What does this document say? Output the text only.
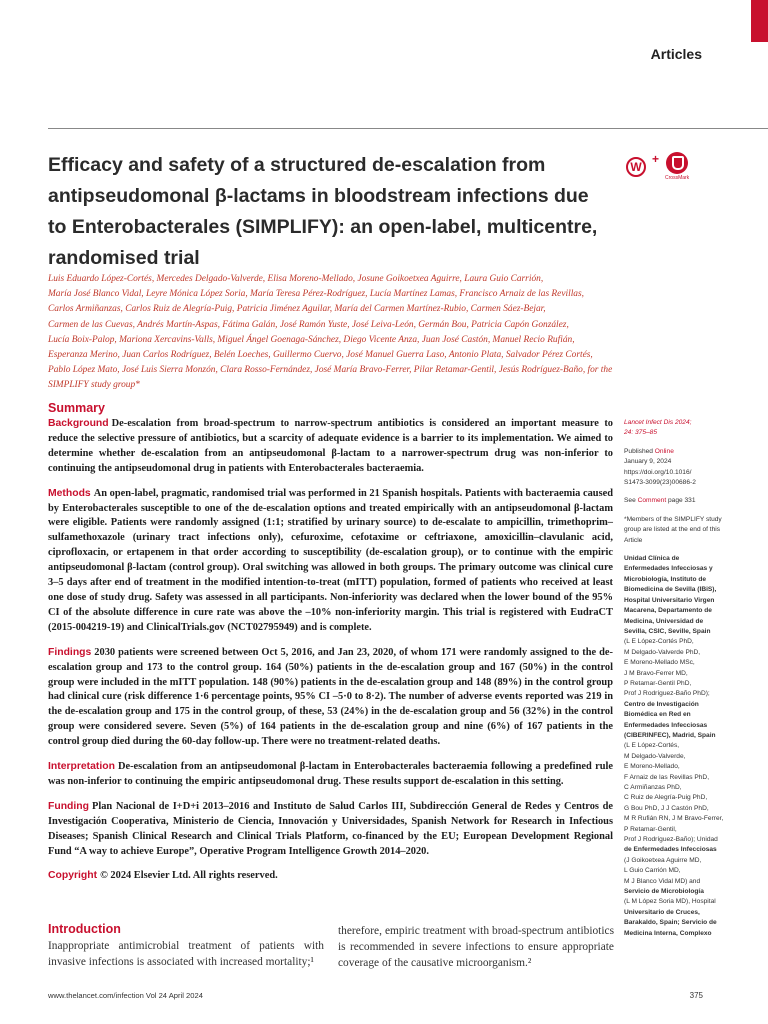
Articles
Efficacy and safety of a structured de-escalation from antipseudomonal β-lactams in bloodstream infections due to Enterobacterales (SIMPLIFY): an open-label, multicentre, randomised trial
W
+
CrossMark

Luis Eduardo López-Cortés, Mercedes Delgado-Valverde, Elisa Moreno-Mellado, Josune Goikoetxea Aguirre, Laura Guio Carrión,

María José Blanco Vidal, Leyre Mónica López Soria, María Teresa Pérez-Rodríguez, Lucía Martínez Lamas, Francisco Arnaiz de las Revillas,

Carlos Armiñanzas, Carlos Ruiz de Alegría-Puig, Patricia Jiménez Aguilar, María del Carmen Martínez-Rubio, Carmen Sáez-Bejar,

Carmen de las Cuevas, Andrés Martín-Aspas, Fátima Galán, José Ramón Yuste, José Leiva-León, Germán Bou, Patricia Capón González,

Lucía Boix-Palop, Mariona Xercavins-Valls, Miguel Ángel Goenaga-Sánchez, Diego Vicente Anza, Juan José Castón, Manuel Recio Rufián,

Esperanza Merino, Juan Carlos Rodríguez, Belén Loeches, Guillermo Cuervo, José Manuel Guerra Laso, Antonio Plata, Salvador Pérez Cortés,

Pablo López Mato, José Luis Sierra Monzón, Clara Rosso-Fernández, José María Bravo-Ferrer, Pilar Retamar-Gentil, Jesús Rodríguez-Baño, for the

SIMPLIFY study group*

Summary

Background De-escalation from broad-spectrum to narrow-spectrum antibiotics is considered an important measure to reduce the selective pressure of antibiotics, but a scarcity of adequate evidence is a barrier to its implementation. We aimed to determine whether de-escalation from an antipseudomonal β-lactam to a narrower-spectrum drug was non-inferior to continuing the antipseudomonal drug in patients with Enterobacterales bacteraemia.

Methods An open-label, pragmatic, randomised trial was performed in 21 Spanish hospitals. Patients with bacteraemia caused by Enterobacterales susceptible to one of the de-escalation options and treated empirically with an antipseudomonal β-lactam were eligible. Patients were randomly assigned (1:1; stratified by urinary source) to de-escalate to ampicillin, trimethoprim–sulfamethoxazole (urinary tract infections only), cefuroxime, cefotaxime or ceftriaxone, amoxicillin–clavulanic acid, ciprofloxacin, or ertapenem in that order according to susceptibility (de-escalation group), or to continue with the empiric antipseudomonal β-lactam (control group). Oral switching was allowed in both groups. The primary outcome was clinical cure 3–5 days after end of treatment in the modified intention-to-treat (mITT) population, formed of patients who received at least one dose of study drug. Safety was assessed in all participants. Non-inferiority was declared when the lower bound of the 95% CI of the absolute difference in cure rate was above the –10% non-inferiority margin. This trial is registered with EudraCT (2015-004219-19) and ClinicalTrials.gov (NCT02795949) and is complete.

Findings 2030 patients were screened between Oct 5, 2016, and Jan 23, 2020, of whom 171 were randomly assigned to the de-escalation group and 173 to the control group. 164 (50%) patients in the de-escalation group and 167 (50%) in the control group were included in the mITT population. 148 (90%) patients in the de-escalation group and 148 (89%) in the control group had clinical cure (risk difference 1·6 percentage points, 95% CI –5·0 to 8·2). The number of adverse events reported was 219 in the de-escalation group and 175 in the control group, of these, 53 (24%) in the de-escalation group and 56 (32%) in the control group were considered severe. Seven (5%) of 164 patients in the de-escalation group and nine (6%) of 167 patients in the control group died during the 60-day follow-up. There were no treatment-related deaths.

Interpretation De-escalation from an antipseudomonal β-lactam in Enterobacterales bacteraemia following a predefined rule was non-inferior to continuing the empiric antipseudomonal drug. These results support de-escalation in this setting.

Funding Plan Nacional de I+D+i 2013–2016 and Instituto de Salud Carlos III, Subdirección General de Redes y Centros de Investigación Cooperativa, Ministerio de Ciencia, Innovación y Universidades, Spanish Network for Research in Infectious Diseases; Spanish Clinical Research and Clinical Trials Platform, co-financed by the EU; European Development Regional Fund “A way to achieve Europe”, Operative Program Intelligence Growth 2014–2020.

Copyright © 2024 Elsevier Ltd. All rights reserved.

Introduction

Inappropriate antimicrobial treatment of patients with invasive infections is associated with increased mortality;¹

therefore, empiric treatment with broad-spectrum antibiotics is recommended in severe infections to ensure appropriate coverage of the causative microorganism.²

Lancet Infect Dis 2024;

24: 375–85

Published Online

January 9, 2024

https://doi.org/10.1016/

S1473-3099(23)00686-2

See Comment page 331

*Members of the SIMPLIFY study

group are listed at the end of this

Article

Unidad Clínica de

Enfermedades Infecciosas y

Microbiología, Instituto de

Biomedicina de Sevilla (IBiS),

Hospital Universitario Virgen

Macarena, Departamento de

Medicina, Universidad de

Sevilla, CSIC, Seville, Spain

(L E López-Cortés PhD,

M Delgado-Valverde PhD,

E Moreno-Mellado MSc,

J M Bravo-Ferrer MD,

P Retamar-Gentil PhD,

Prof J Rodríguez-Baño PhD);

Centro de Investigación

Biomédica en Red en

Enfermedades Infecciosas

(CIBERINFEC), Madrid, Spain

(L E López-Cortés,

M Delgado-Valverde,

E Moreno-Mellado,

F Arnaiz de las Revillas PhD,

C Armiñanzas PhD,

C Ruiz de Alegría-Puig PhD,

G Bou PhD, J J Castón PhD,

M R Rufián RN, J M Bravo-Ferrer,

P Retamar-Gentil,

Prof J Rodríguez-Baño); Unidad

de Enfermedades Infecciosas

(J Goikoetxea Aguirre MD,

L Guio Carrión MD,

M J Blanco Vidal MD) and

Servicio de Microbiología

(L M López Soria MD), Hospital

Universitario de Cruces,

Barakaldo, Spain; Servicio de

Medicina Interna, Complexo

www.thelancet.com/infection Vol 24 April 2024	375
